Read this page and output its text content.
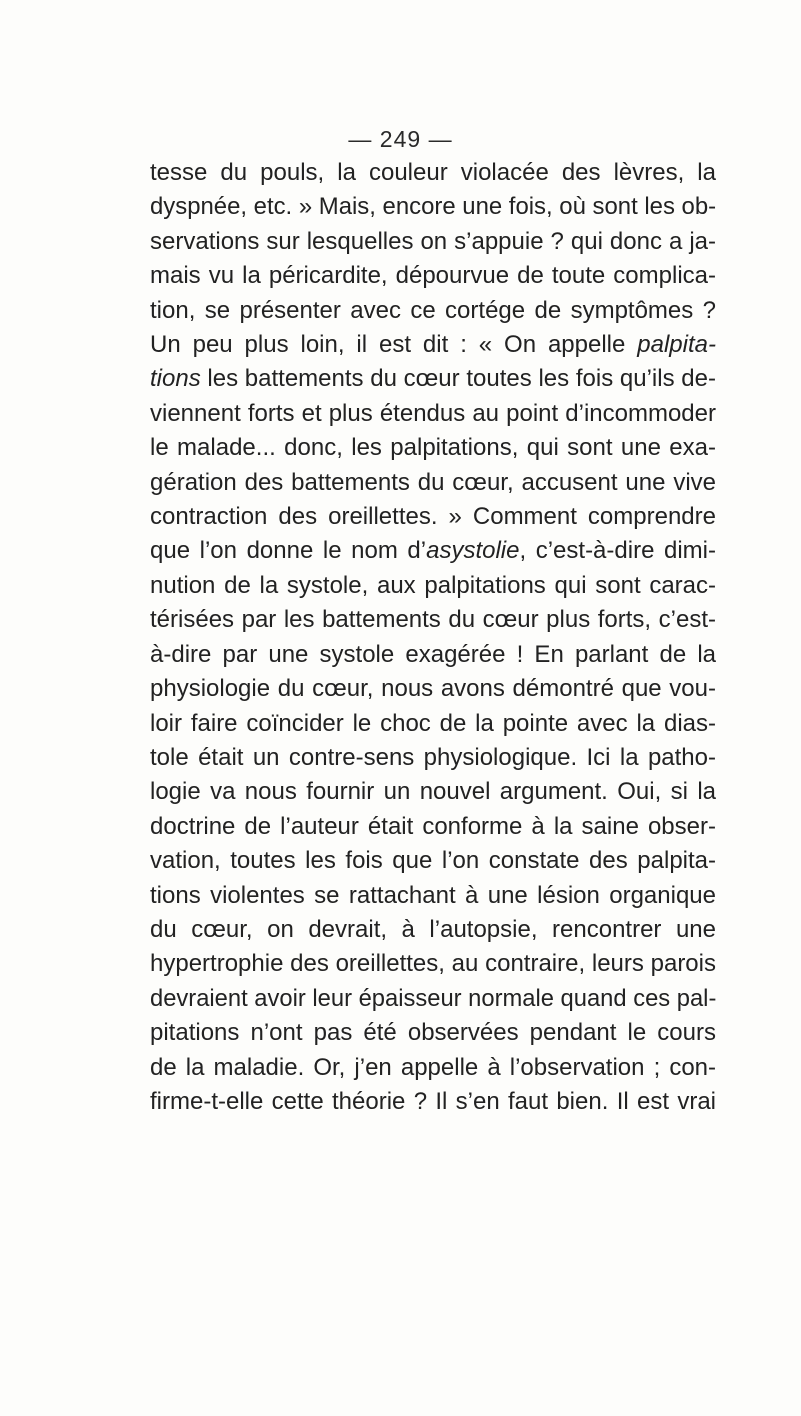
— 249 —
tesse du pouls, la couleur violacée des lèvres, la
dyspnée, etc. » Mais, encore une fois, où sont les ob-
servations sur lesquelles on s’appuie ? qui donc a ja-
mais vu la péricardite, dépourvue de toute complica-
tion, se présenter avec ce cortége de symptômes ?
Un peu plus loin, il est dit : « On appelle palpita-
tions les battements du cœur toutes les fois qu’ils de-
viennent forts et plus étendus au point d’incommoder
le malade... donc, les palpitations, qui sont une exa-
gération des battements du cœur, accusent une vive
contraction des oreillettes. » Comment comprendre
que l’on donne le nom d’asystolie, c’est-à-dire dimi-
nution de la systole, aux palpitations qui sont carac-
térisées par les battements du cœur plus forts, c’est-
à-dire par une systole exagérée ! En parlant de la
physiologie du cœur, nous avons démontré que vou-
loir faire coïncider le choc de la pointe avec la dias-
tole était un contre-sens physiologique. Ici la patho-
logie va nous fournir un nouvel argument. Oui, si la
doctrine de l’auteur était conforme à la saine obser-
vation, toutes les fois que l’on constate des palpita-
tions violentes se rattachant à une lésion organique
du cœur, on devrait, à l’autopsie, rencontrer une
hypertrophie des oreillettes, au contraire, leurs parois
devraient avoir leur épaisseur normale quand ces pal-
pitations n’ont pas été observées pendant le cours
de la maladie. Or, j’en appelle à l’observation ; con-
firme-t-elle cette théorie ? Il s’en faut bien. Il est vrai
